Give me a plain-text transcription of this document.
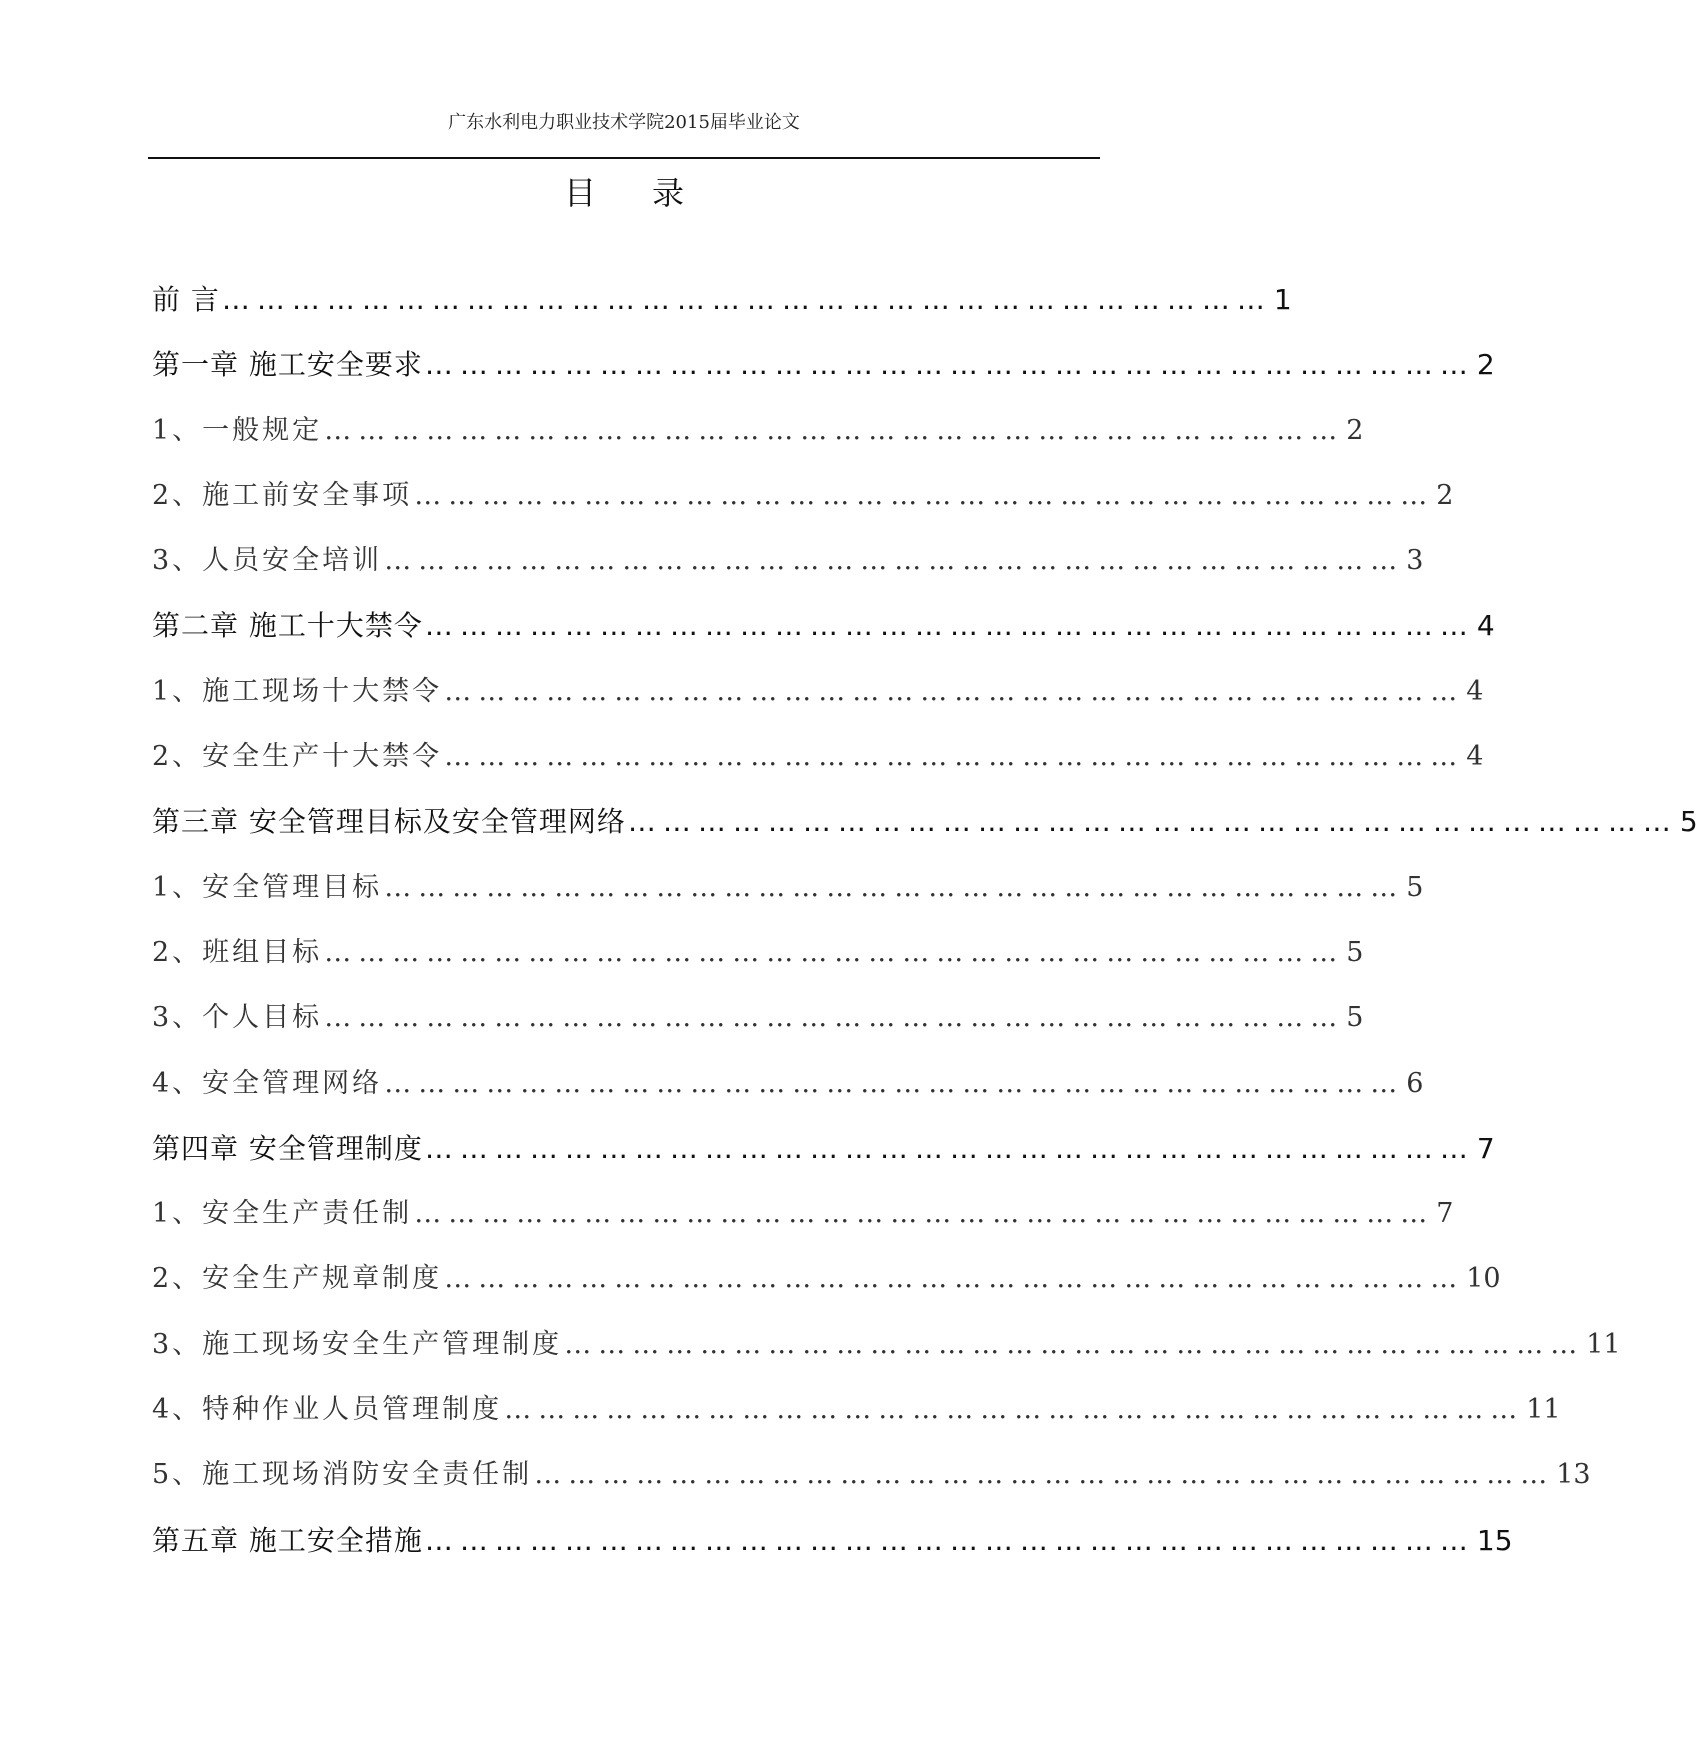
广东水利电力职业技术学院2015届毕业论文
目录
前 言 ……………………………………………………………………………… 1
第一章 施工安全要求 ……………………………………………………………………………… 2
1、一般规定 ……………………………………………………………………………… 2
2、施工前安全事项 ……………………………………………………………………………… 2
3、人员安全培训 ……………………………………………………………………………… 3
第二章 施工十大禁令 ……………………………………………………………………………… 4
1、施工现场十大禁令 ……………………………………………………………………………… 4
2、安全生产十大禁令 ……………………………………………………………………………… 4
第三章 安全管理目标及安全管理网络 ……………………………………………………………………………… 5
1、安全管理目标 ……………………………………………………………………………… 5
2、班组目标 ……………………………………………………………………………… 5
3、个人目标 ……………………………………………………………………………… 5
4、安全管理网络 ……………………………………………………………………………… 6
第四章 安全管理制度 ……………………………………………………………………………… 7
1、安全生产责任制 ……………………………………………………………………………… 7
2、安全生产规章制度 ……………………………………………………………………………… 10
3、施工现场安全生产管理制度 ……………………………………………………………………………… 11
4、特种作业人员管理制度 ……………………………………………………………………………… 11
5、施工现场消防安全责任制 ……………………………………………………………………………… 13
第五章 施工安全措施 ……………………………………………………………………………… 15
